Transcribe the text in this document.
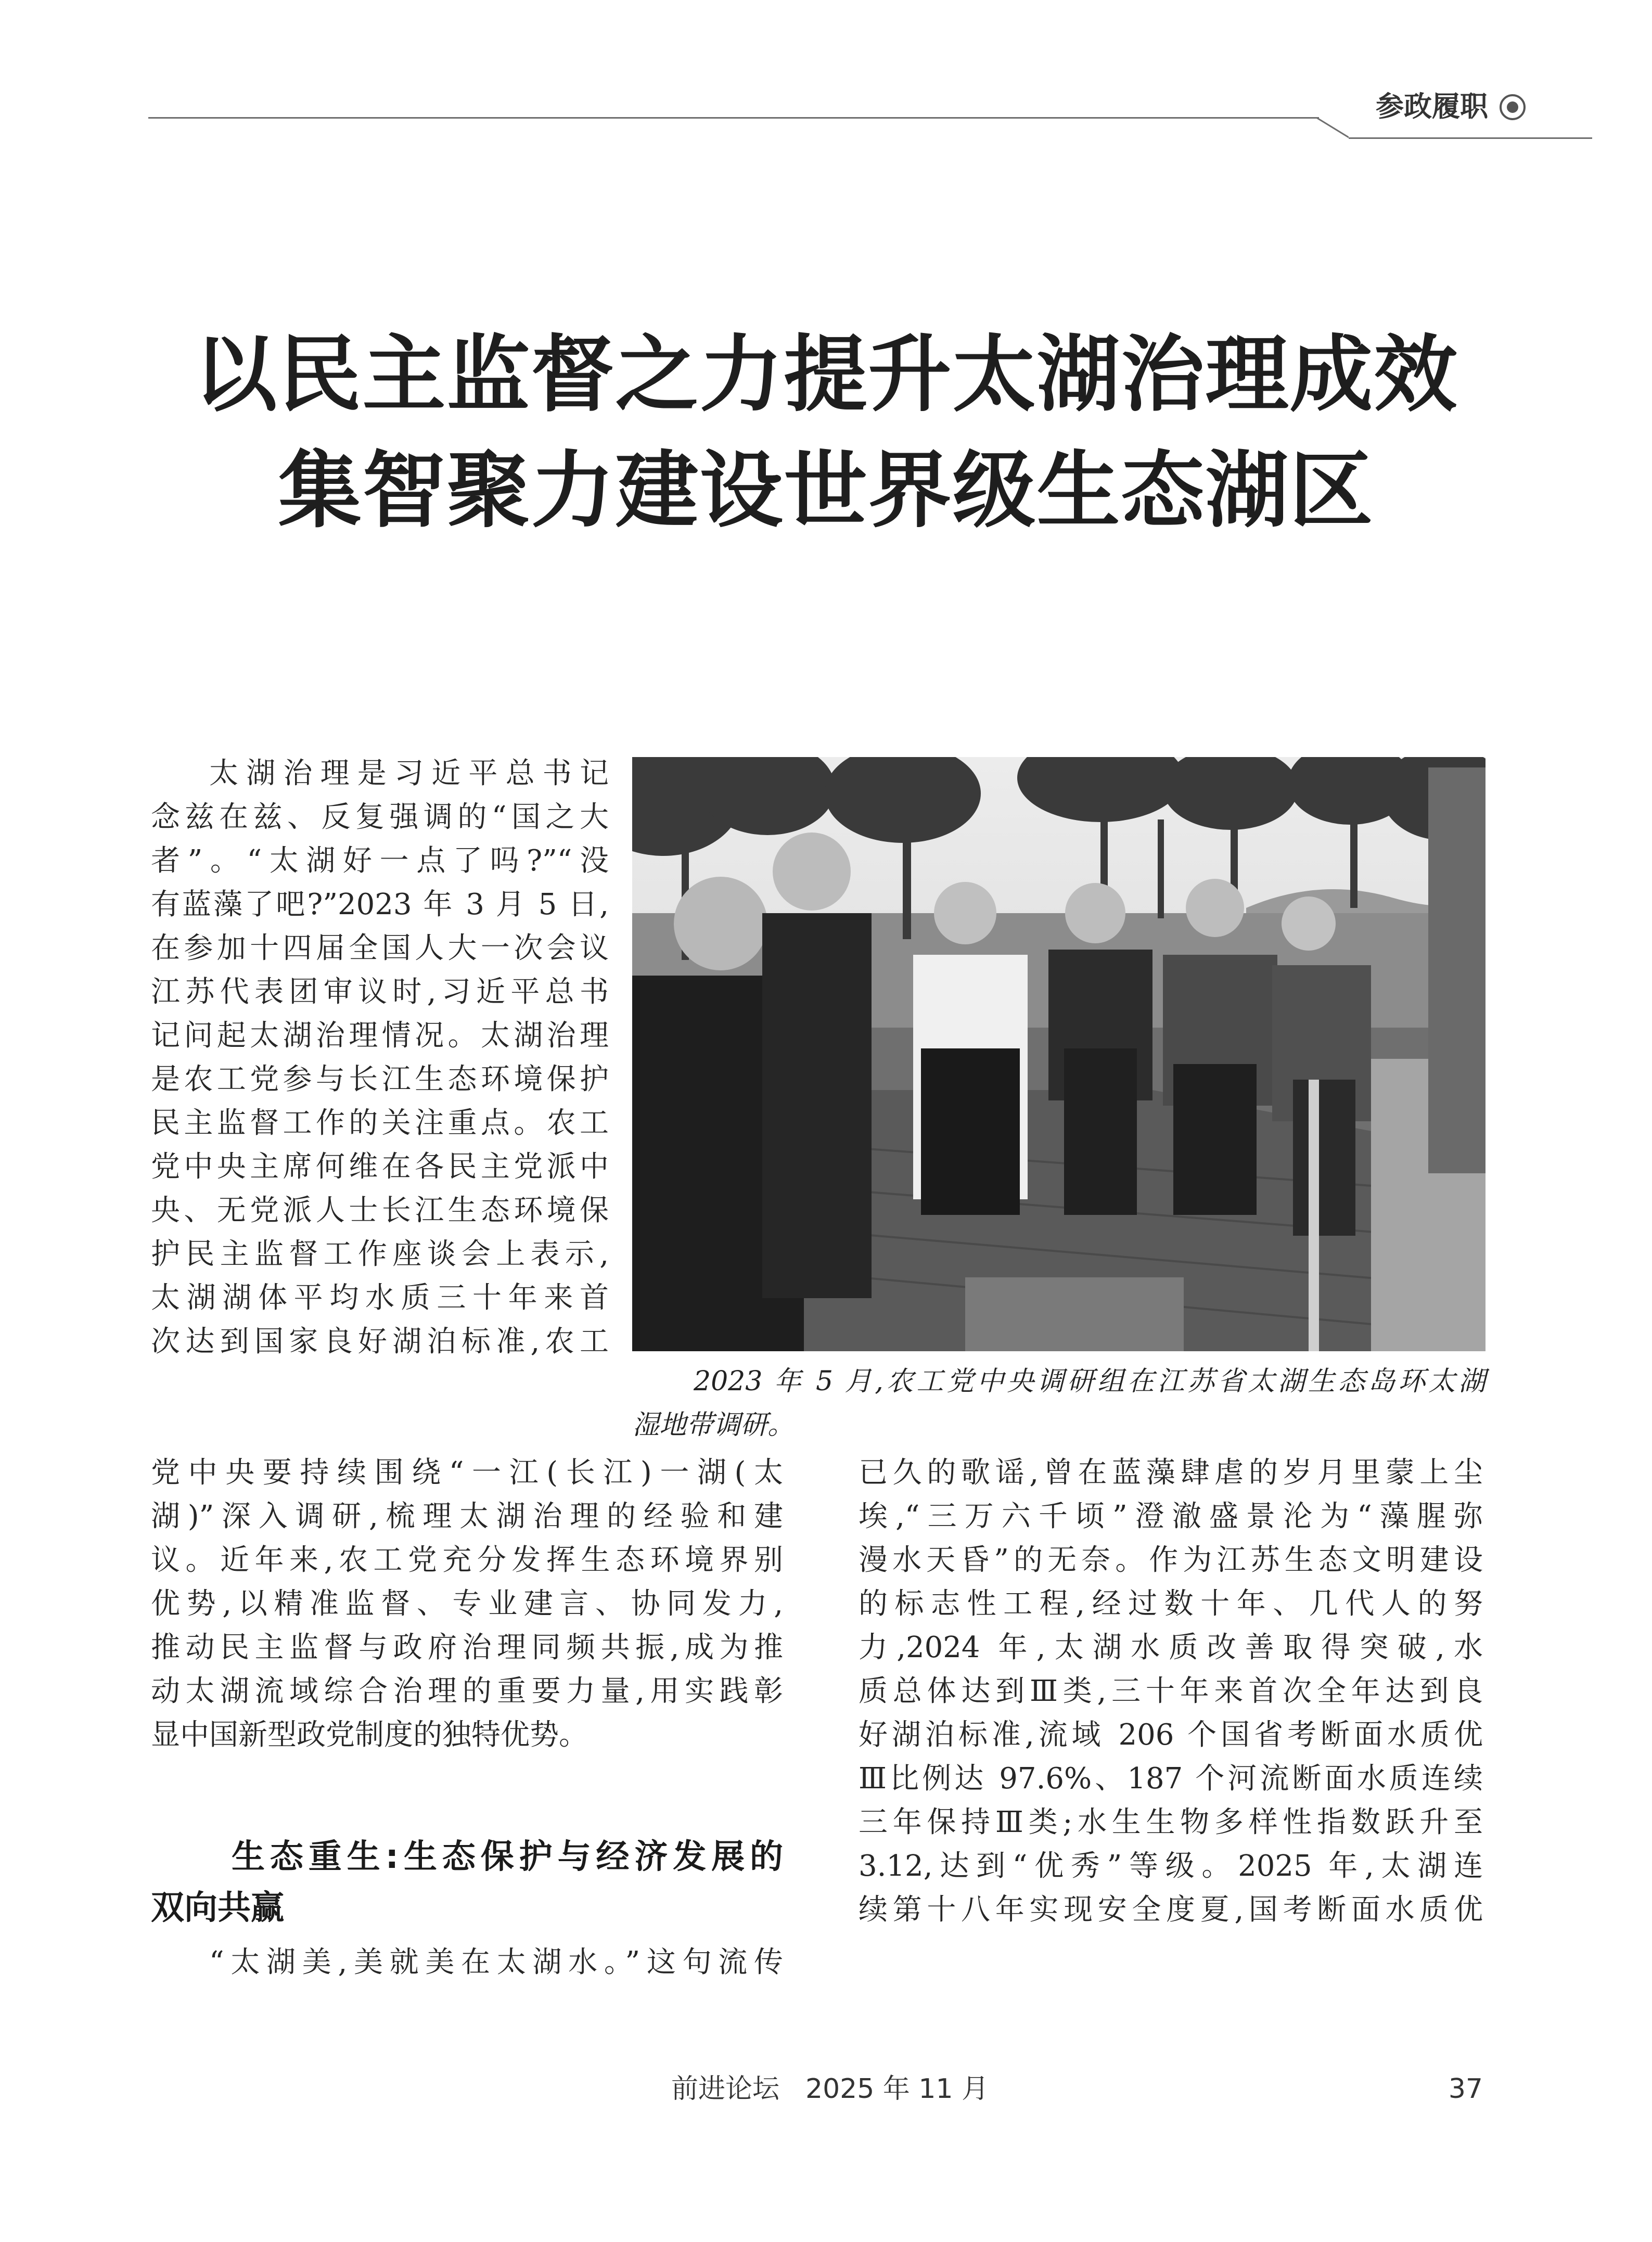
参政履职
以民主监督之力提升太湖治理成效
集智聚力建设世界级生态湖区
太湖治理是习近平总书记
念兹在兹、反复强调的“国之大
者”。“太湖好一点了吗?”“没
有蓝藻了吧?”2023 年 3 月 5 日,
在参加十四届全国人大一次会议
江苏代表团审议时,习近平总书
记问起太湖治理情况。太湖治理
是农工党参与长江生态环境保护
民主监督工作的关注重点。农工
党中央主席何维在各民主党派中
央、无党派人士长江生态环境保
护民主监督工作座谈会上表示,
太湖湖体平均水质三十年来首
次达到国家良好湖泊标准,农工
2023 年 5 月,农工党中央调研组在江苏省太湖生态岛环太湖
湿地带调研。
党中央要持续围绕“一江(长江)一湖(太
湖)”深入调研,梳理太湖治理的经验和建
议。近年来,农工党充分发挥生态环境界别
优势,以精准监督、专业建言、协同发力,
推动民主监督与政府治理同频共振,成为推
动太湖流域综合治理的重要力量,用实践彰
显中国新型政党制度的独特优势。
生态重生:生态保护与经济发展的
双向共赢
“太湖美,美就美在太湖水。”这句流传
已久的歌谣,曾在蓝藻肆虐的岁月里蒙上尘
埃,“三万六千顷”澄澈盛景沦为“藻腥弥
漫水天昏”的无奈。作为江苏生态文明建设
的标志性工程,经过数十年、几代人的努
力,2024 年,太湖水质改善取得突破,水
质总体达到Ⅲ类,三十年来首次全年达到良
好湖泊标准,流域 206 个国省考断面水质优
Ⅲ比例达 97.6%、187 个河流断面水质连续
三年保持Ⅲ类;水生生物多样性指数跃升至
3.12,达到“优秀”等级。2025 年,太湖连
续第十八年实现安全度夏,国考断面水质优
前进论坛 2025 年 11 月	37
